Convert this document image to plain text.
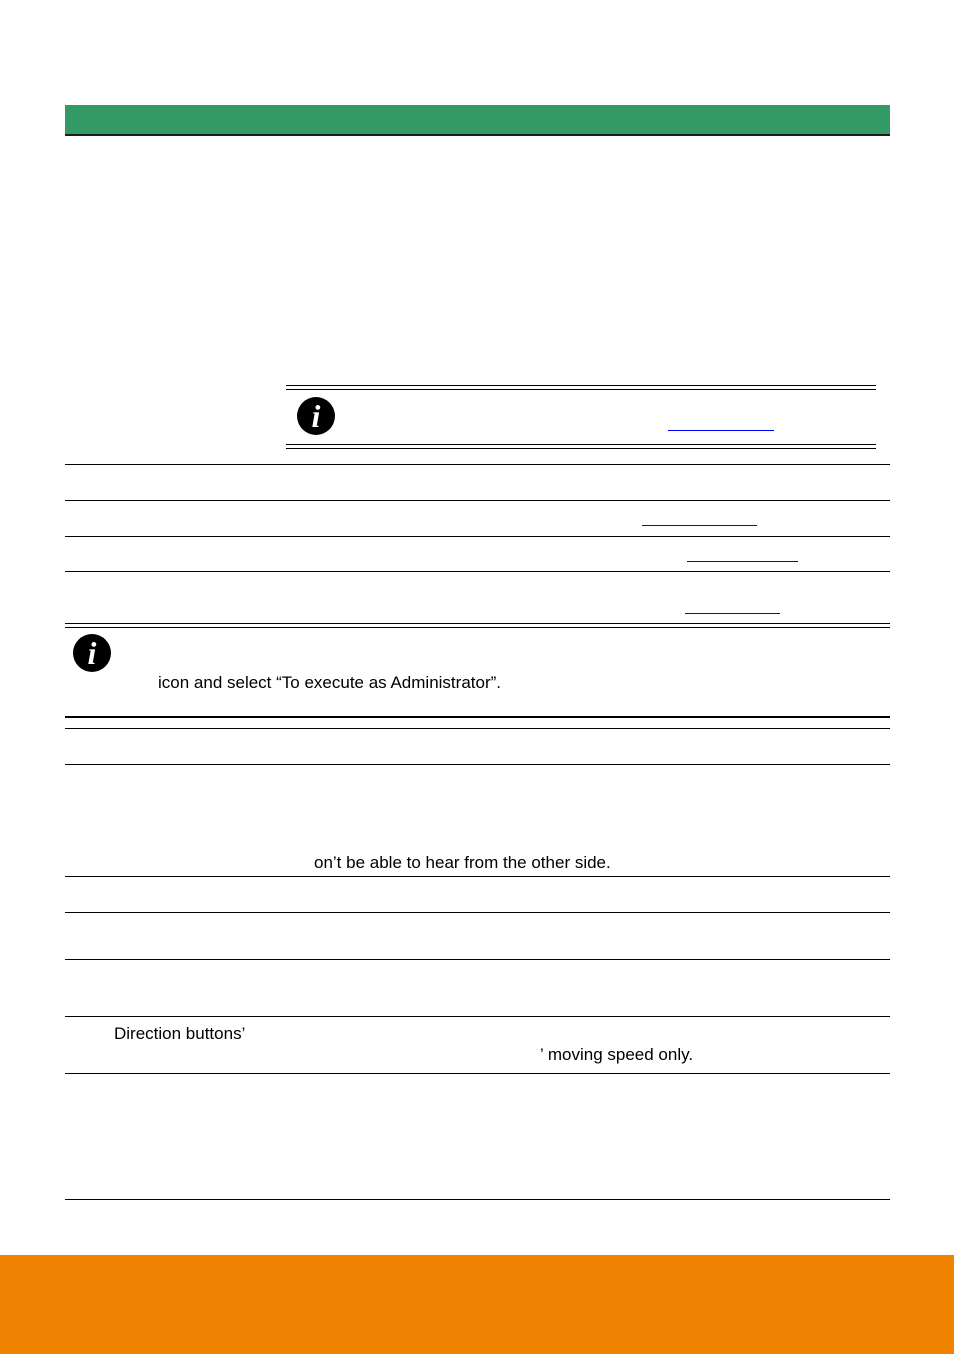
i
i
icon and select “To execute as Administrator”.
on’t be able to hear from the other side.
Direction buttons’
’ moving speed only.
